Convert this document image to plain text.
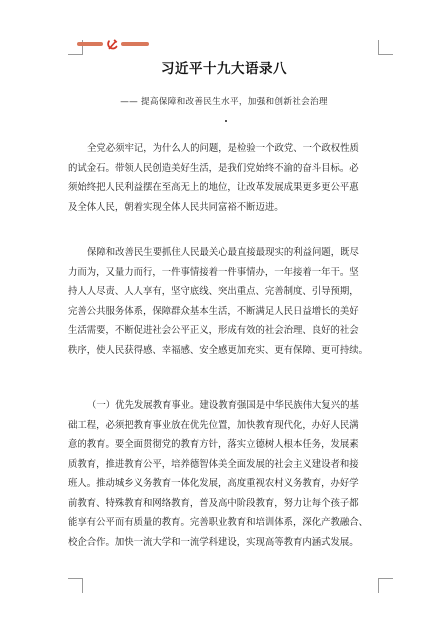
习近平十九大语录八
—— 提高保障和改善民生水平，加强和创新社会治理

全党必须牢记，为什么人的问题，是检验一个政党、一个政权性质
的试金石。带领人民创造美好生活，是我们党始终不渝的奋斗目标。必
须始终把人民利益摆在至高无上的地位，让改革发展成果更多更公平惠
及全体人民，朝着实现全体人民共同富裕不断迈进。

保障和改善民生要抓住人民最关心最直接最现实的利益问题，既尽
力而为，又量力而行，一件事情接着一件事情办，一年接着一年干。坚
持人人尽责、人人享有，坚守底线、突出重点、完善制度、引导预期，
完善公共服务体系，保障群众基本生活，不断满足人民日益增长的美好
生活需要，不断促进社会公平正义，形成有效的社会治理、良好的社会
秩序，使人民获得感、幸福感、安全感更加充实、更有保障、更可持续。

（一）优先发展教育事业。建设教育强国是中华民族伟大复兴的基
础工程，必须把教育事业放在优先位置，加快教育现代化，办好人民满
意的教育。要全面贯彻党的教育方针，落实立德树人根本任务，发展素
质教育，推进教育公平，培养德智体美全面发展的社会主义建设者和接
班人。推动城乡义务教育一体化发展，高度重视农村义务教育，办好学
前教育、特殊教育和网络教育，普及高中阶段教育，努力让每个孩子都
能享有公平而有质量的教育。完善职业教育和培训体系，深化产教融合、
校企合作。加快一流大学和一流学科建设，实现高等教育内涵式发展。
